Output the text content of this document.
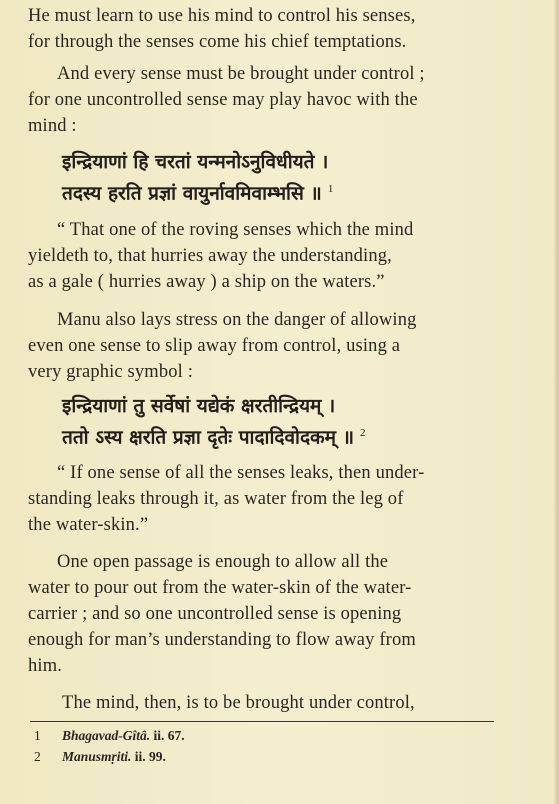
He must learn to use his mind to control his senses,
for through the senses come his chief temptations.
And every sense must be brought under control ;
for one uncontrolled sense may play havoc with the
mind :
इन्द्रियाणां हि चरतां यन्मनोऽनुविधीयते ।
तदस्य हरति प्रज्ञां वायुर्नावमिवाम्भसि ॥ $^1$
“ That one of the roving senses which the mind
yieldeth to, that hurries away the understanding,
as a gale ( hurries away ) a ship on the waters.”
Manu also lays stress on the danger of allowing
even one sense to slip away from control, using a
very graphic symbol :
इन्द्रियाणां तु सर्वेषां यद्येकं क्षरतीन्द्रियम् ।
ततो ऽस्य क्षरति प्रज्ञा दृतेः पादादिवोदकम् ॥ $^2$
“ If one sense of all the senses leaks, then under-
standing leaks through it, as water from the leg of
the water-skin.”
One open passage is enough to allow all the
water to pour out from the water-skin of the water-
carrier ; and so one uncontrolled sense is opening
enough for man’s understanding to flow away from
him.
The mind, then, is to be brought under control,
1 Bhagavad-Gîtâ. ii. 67.
2 Manusmṛiti. ii. 99.
